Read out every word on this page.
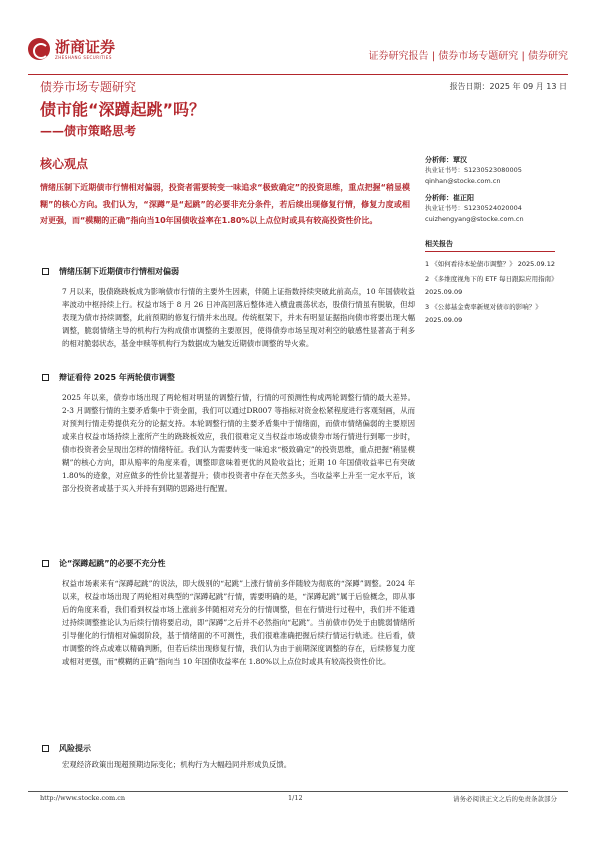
浙商证券
ZHESHANG SECURITIES	证券研究报告 | 债券市场专题研究 | 债券研究
债券市场专题研究	报告日期：2025 年 09 月 13 日
债市能“深蹲起跳”吗？
——债市策略思考
核心观点
情绪压制下近期债市行情相对偏弱，投资者需要转变一味追求“极致确定”的投资思维，重点把握“稍显模糊”的核心方向。我们认为，“深蹲”是“起跳”的必要非充分条件，若后续出现修复行情，修复力度或相对更强，而“模糊的正确”指向当10年国债收益率在1.80%以上点位时或具有较高投资性价比。
分析师：覃汉
执业证书号：S1230523080005
qinhan@stocke.com.cn
分析师：崔正阳
执业证书号：S1230524020004
cuizhengyang@stocke.com.cn
相关报告
1 《如何看待本轮债市调整？》 2025.09.12
2 《多维度视角下的 ETF 每日跟踪应用指南》 2025.09.09
3 《公募基金费率新规对债市的影响？》 2025.09.09
情绪压制下近期债市行情相对偏弱
7 月以来，股债跷跷板成为影响债市行情的主要外生因素，伴随上证指数持续突破此前高点，10 年国债收益率波动中枢持续上行。权益市场于 8 月 26 日冲高回落后整体进入横盘震荡状态，股债行情虽有脱敏，但却表现为债市持续调整，此前预期的修复行情并未出现。传统框架下，并未有明显证据指向债市将要出现大幅调整，脆弱情绪主导的机构行为构成债市调整的主要原因，使得债券市场呈现对利空的敏感性显著高于利多的相对脆弱状态，基金申赎等机构行为数据成为触发近期债市调整的导火索。
辩证看待 2025 年两轮债市调整
2025 年以来，债券市场出现了两轮相对明显的调整行情，行情的可预测性构成两轮调整行情的最大差异。2-3 月调整行情的主要矛盾集中于资金面，我们可以通过DR007 等指标对资金松紧程度进行客观刻画，从而对预判行情走势提供充分的论据支持。本轮调整行情的主要矛盾集中于情绪面，而债市情绪偏弱的主要原因或来自权益市场持续上涨所产生的跷跷板效应，我们很难定义当权益市场或债券市场行情进行到哪一步时，债市投资者会呈现出怎样的情绪特征。我们认为需要转变一味追求“极致确定”的投资思维，重点把握“稍显模糊”的核心方向，即从赔率的角度来看，调整即意味着更优的风险收益比；近期 10 年国债收益率已有突破 1.80%的迹象，对应做多的性价比显著提升；债市投资者中存在天然多头，当收益率上升至一定水平后，该部分投资者或基于买入并持有到期的思路进行配置。
论“深蹲起跳”的必要不充分性
权益市场素来有“深蹲起跳”的说法，即大级别的“起跳”上涨行情前多伴随较为彻底的“深蹲”调整。2024 年以来，权益市场出现了两轮相对典型的“深蹲起跳”行情，需要明确的是，“深蹲起跳”属于后验概念，即从事后的角度来看，我们看到权益市场上涨前多伴随相对充分的行情调整，但在行情进行过程中，我们并不能通过持续调整推论认为后续行情将要启动，即“深蹲”之后并不必然指向“起跳”。当前债市仍处于由脆弱情绪所引导催化的行情相对偏弱阶段，基于情绪面的不可测性，我们很难准确把握后续行情运行轨迹。往后看，债市调整的终点或难以精确判断，但若后续出现修复行情，我们认为由于前期深度调整的存在，后续修复力度或相对更强，而“模糊的正确”指向当 10 年国债收益率在 1.80%以上点位时或具有较高投资性价比。
风险提示
宏观经济政策出现超预期边际变化；机构行为大幅趋同并形成负反馈。
http://www.stocke.com.cn	1/12	请务必阅读正文之后的免责条款部分
